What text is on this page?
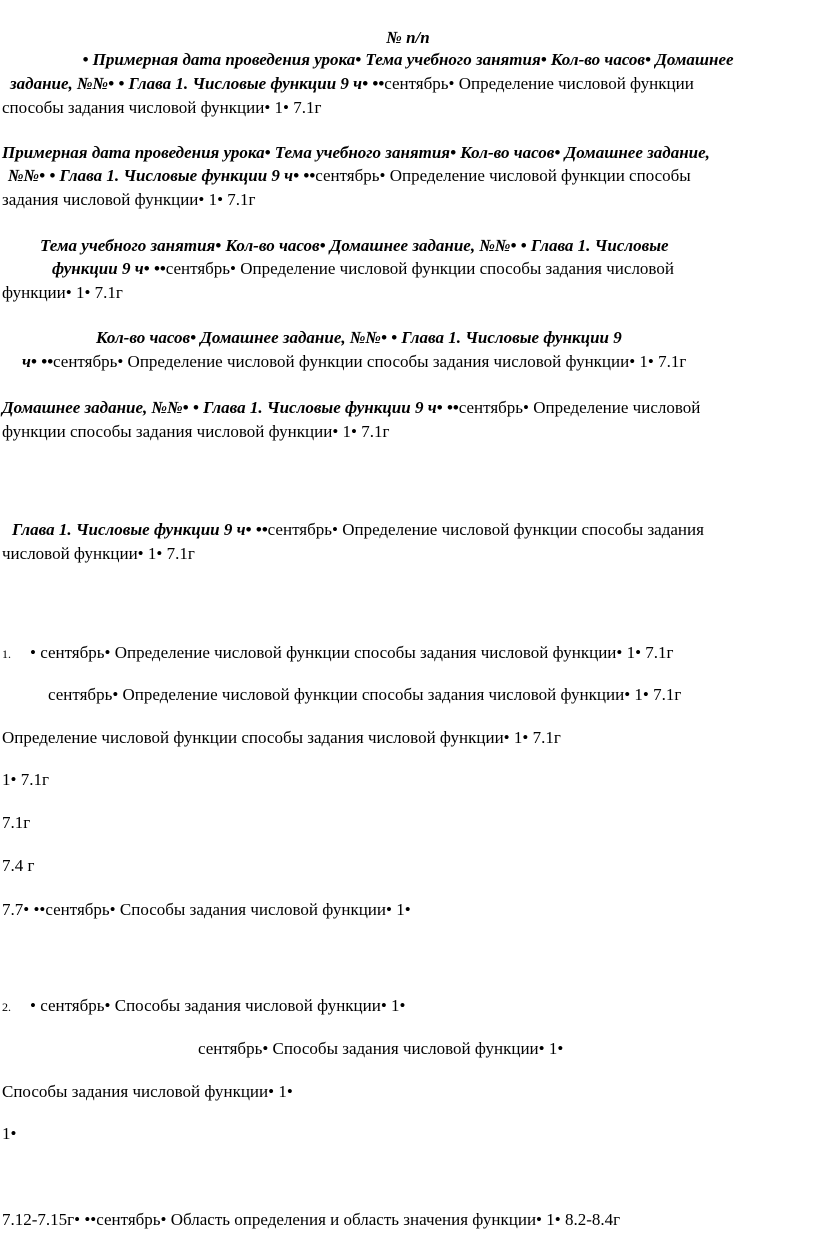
№ п/п
• Примерная дата проведения урока• Тема учебного занятия• Кол-во часов• Домашнее
задание, №№• • Глава 1. Числовые функции 9 ч• ••сентябрь• Определение числовой функции
способы задания числовой функции• 1• 7.1г
Примерная дата проведения урока• Тема учебного занятия• Кол-во часов• Домашнее задание,
№№• • Глава 1. Числовые функции 9 ч• ••сентябрь• Определение числовой функции способы
задания числовой функции• 1• 7.1г
Тема учебного занятия• Кол-во часов• Домашнее задание, №№• • Глава 1. Числовые
функции 9 ч• ••сентябрь• Определение числовой функции способы задания числовой
функции• 1• 7.1г
Кол-во часов• Домашнее задание, №№• • Глава 1. Числовые функции 9
ч• ••сентябрь• Определение числовой функции способы задания числовой функции• 1• 7.1г
Домашнее задание, №№• • Глава 1. Числовые функции 9 ч• ••сентябрь• Определение числовой
функции способы задания числовой функции• 1• 7.1г
Глава 1. Числовые функции 9 ч• ••сентябрь• Определение числовой функции способы задания
числовой функции• 1• 7.1г
1. • сентябрь• Определение числовой функции способы задания числовой функции• 1• 7.1г
сентябрь• Определение числовой функции способы задания числовой функции• 1• 7.1г
Определение числовой функции способы задания числовой функции• 1• 7.1г
1• 7.1г
7.1г
7.4 г
7.7• ••сентябрь• Способы задания числовой функции• 1•
2. • сентябрь• Способы задания числовой функции• 1•
сентябрь• Способы задания числовой функции• 1•
Способы задания числовой функции• 1•
1•
7.12-7.15г• ••сентябрь• Область определения и область значения функции• 1• 8.2-8.4г
